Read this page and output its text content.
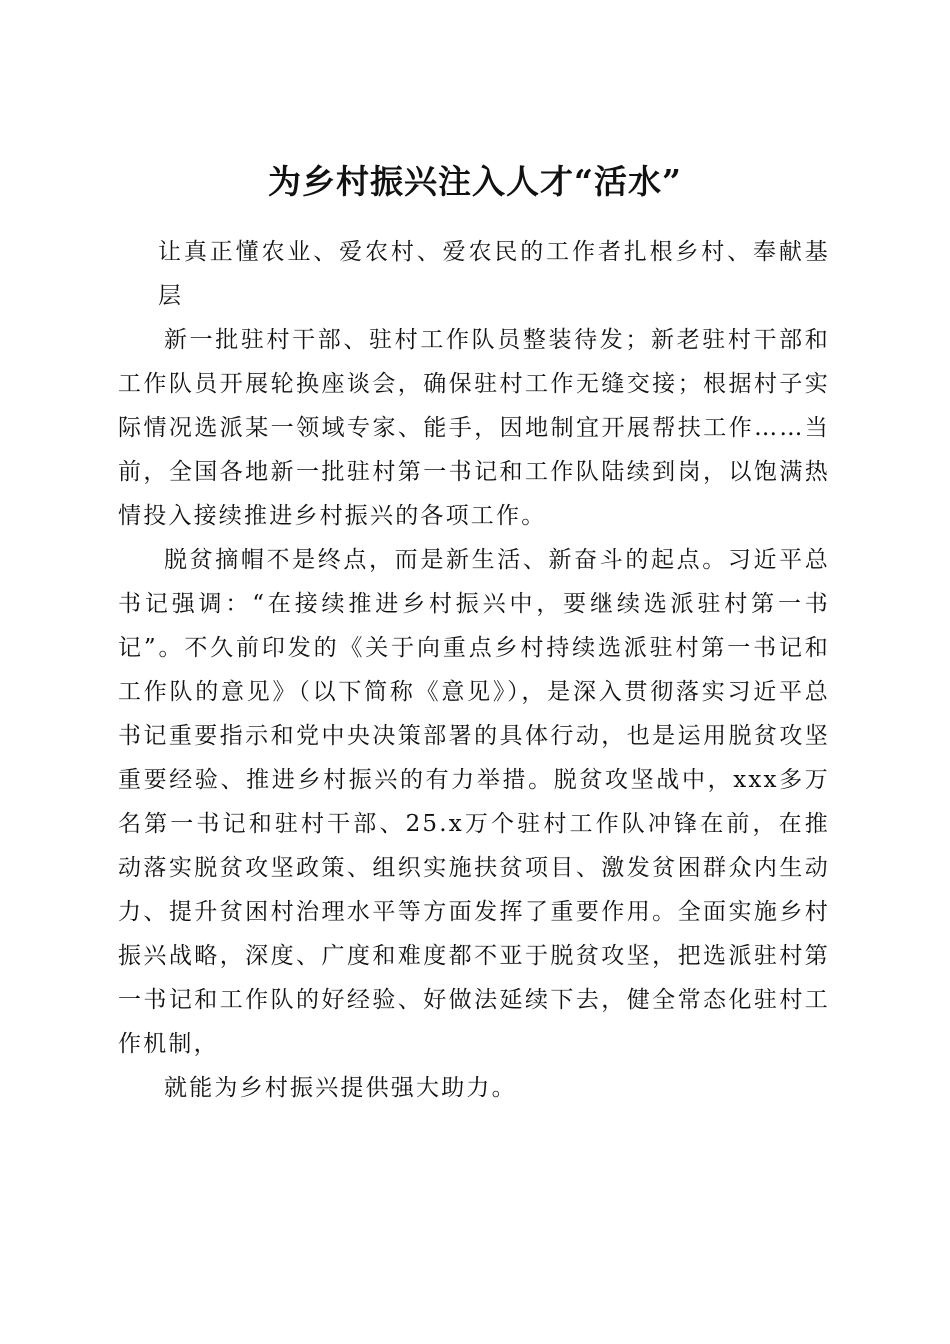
为乡村振兴注入人才“活水”

让真正懂农业、爱农村、爱农民的工作者扎根乡村、奉献基层

新一批驻村干部、驻村工作队员整装待发；新老驻村干部和工作队员开展轮换座谈会，确保驻村工作无缝交接；根据村子实际情况选派某一领域专家、能手，因地制宜开展帮扶工作……当前，全国各地新一批驻村第一书记和工作队陆续到岗，以饱满热情投入接续推进乡村振兴的各项工作。

脱贫摘帽不是终点，而是新生活、新奋斗的起点。习近平总书记强调：“在接续推进乡村振兴中，要继续选派驻村第一书记”。不久前印发的《关于向重点乡村持续选派驻村第一书记和工作队的意见》（以下简称《意见》），是深入贯彻落实习近平总书记重要指示和党中央决策部署的具体行动，也是运用脱贫攻坚重要经验、推进乡村振兴的有力举措。脱贫攻坚战中，xxx多万名第一书记和驻村干部、25.x万个驻村工作队冲锋在前，在推动落实脱贫攻坚政策、组织实施扶贫项目、激发贫困群众内生动力、提升贫困村治理水平等方面发挥了重要作用。全面实施乡村振兴战略，深度、广度和难度都不亚于脱贫攻坚，把选派驻村第一书记和工作队的好经验、好做法延续下去，健全常态化驻村工作机制，

就能为乡村振兴提供强大助力。
